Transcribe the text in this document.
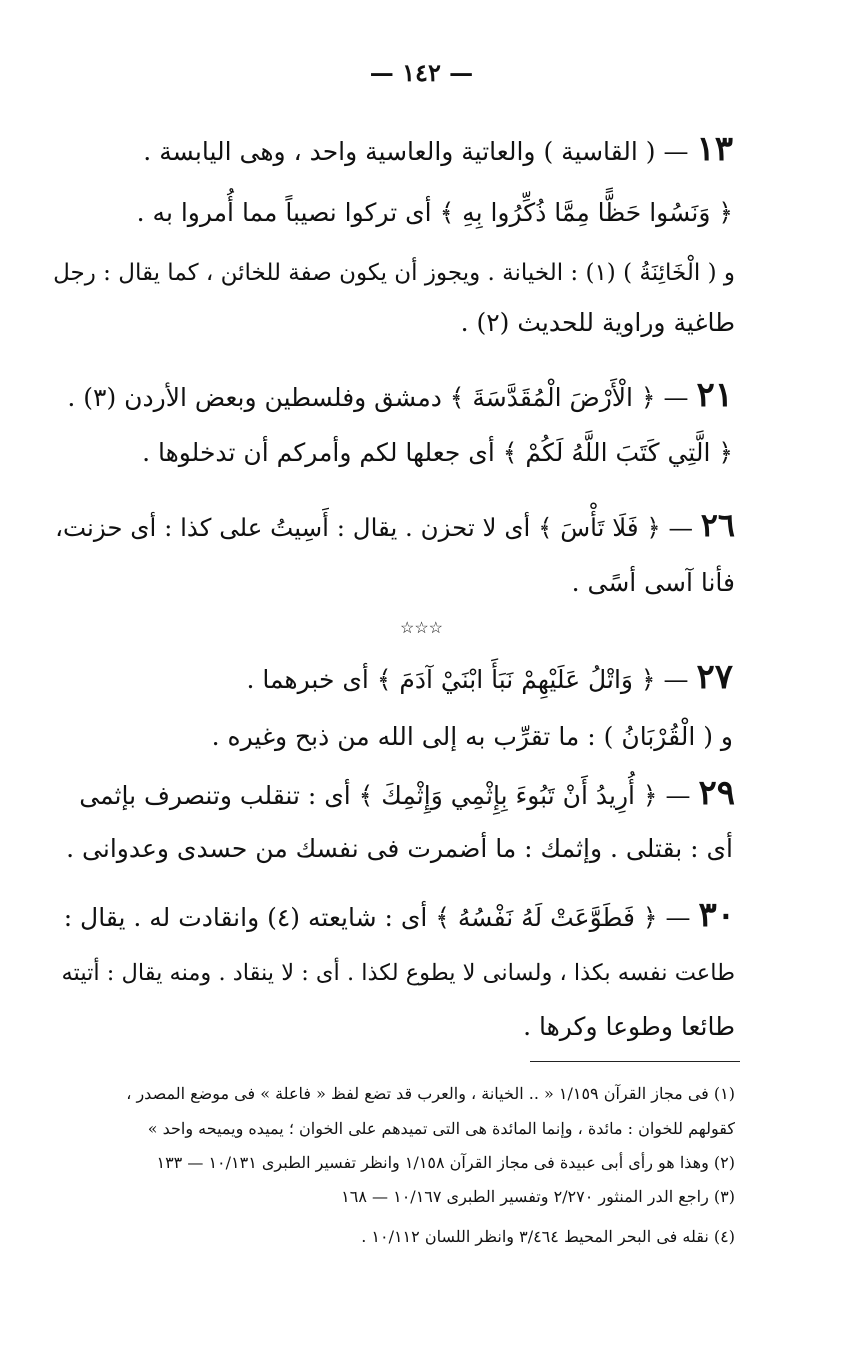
— ١٤٢ —
١٣ — ( القاسية ) والعاتية والعاسية واحد ، وهى اليابسة .
﴿ وَنَسُوا حَظًّا مِمَّا ذُكِّرُوا بِهِ ﴾ أى تركوا نصيباً مما أُمروا به .
و ( الْخَائِنَةُ ) (١) : الخيانة . ويجوز أن يكون صفة للخائن ، كما يقال : رجل
طاغية وراوية للحديث (٢) .
٢١ — ﴿ الْأَرْضَ الْمُقَدَّسَةَ ﴾ دمشق وفلسطين وبعض الأردن (٣) .
﴿ الَّتِي كَتَبَ اللَّهُ لَكُمْ ﴾ أى جعلها لكم وأمركم أن تدخلوها .
٢٦ — ﴿ فَلَا تَأْسَ ﴾ أى لا تحزن . يقال : أَسِيتُ على كذا : أى حزنت،
فأنا آسى أسًى .
☆☆☆
٢٧ — ﴿ وَاتْلُ عَلَيْهِمْ نَبَأَ ابْنَيْ آدَمَ ﴾ أى خبرهما .
و ( الْقُرْبَانُ ) : ما تقرِّب به إلى الله من ذبح وغيره .
٢٩ — ﴿ أُرِيدُ أَنْ تَبُوءَ بِإِثْمِي وَإِثْمِكَ ﴾ أى : تنقلب وتنصرف بإثمى
أى : بقتلى . وإثمك : ما أضمرت فى نفسك من حسدى وعدوانى .
٣٠ — ﴿ فَطَوَّعَتْ لَهُ نَفْسُهُ ﴾ أى : شايعته (٤) وانقادت له . يقال :
طاعت نفسه بكذا ، ولسانى لا يطوع لكذا . أى : لا ينقاد . ومنه يقال : أتيته
طائعا وطوعا وكرها .
(١) فى مجاز القرآن ١/١٥٩ « .. الخيانة ، والعرب قد تضع لفظ « فاعلة » فى موضع المصدر ،
كقولهم للخوان : مائدة ، وإنما المائدة هى التى تميدهم على الخوان ؛ يميده ويميحه واحد »
(٢) وهذا هو رأى أبى عبيدة فى مجاز القرآن ١/١٥٨ وانظر تفسير الطبرى ١٠/١٣١ — ١٣٣
(٣) راجع الدر المنثور ٢/٢٧٠ وتفسير الطبرى ١٠/١٦٧ — ١٦٨
(٤) نقله فى البحر المحيط ٣/٤٦٤ وانظر اللسان ١٠/١١٢ .
